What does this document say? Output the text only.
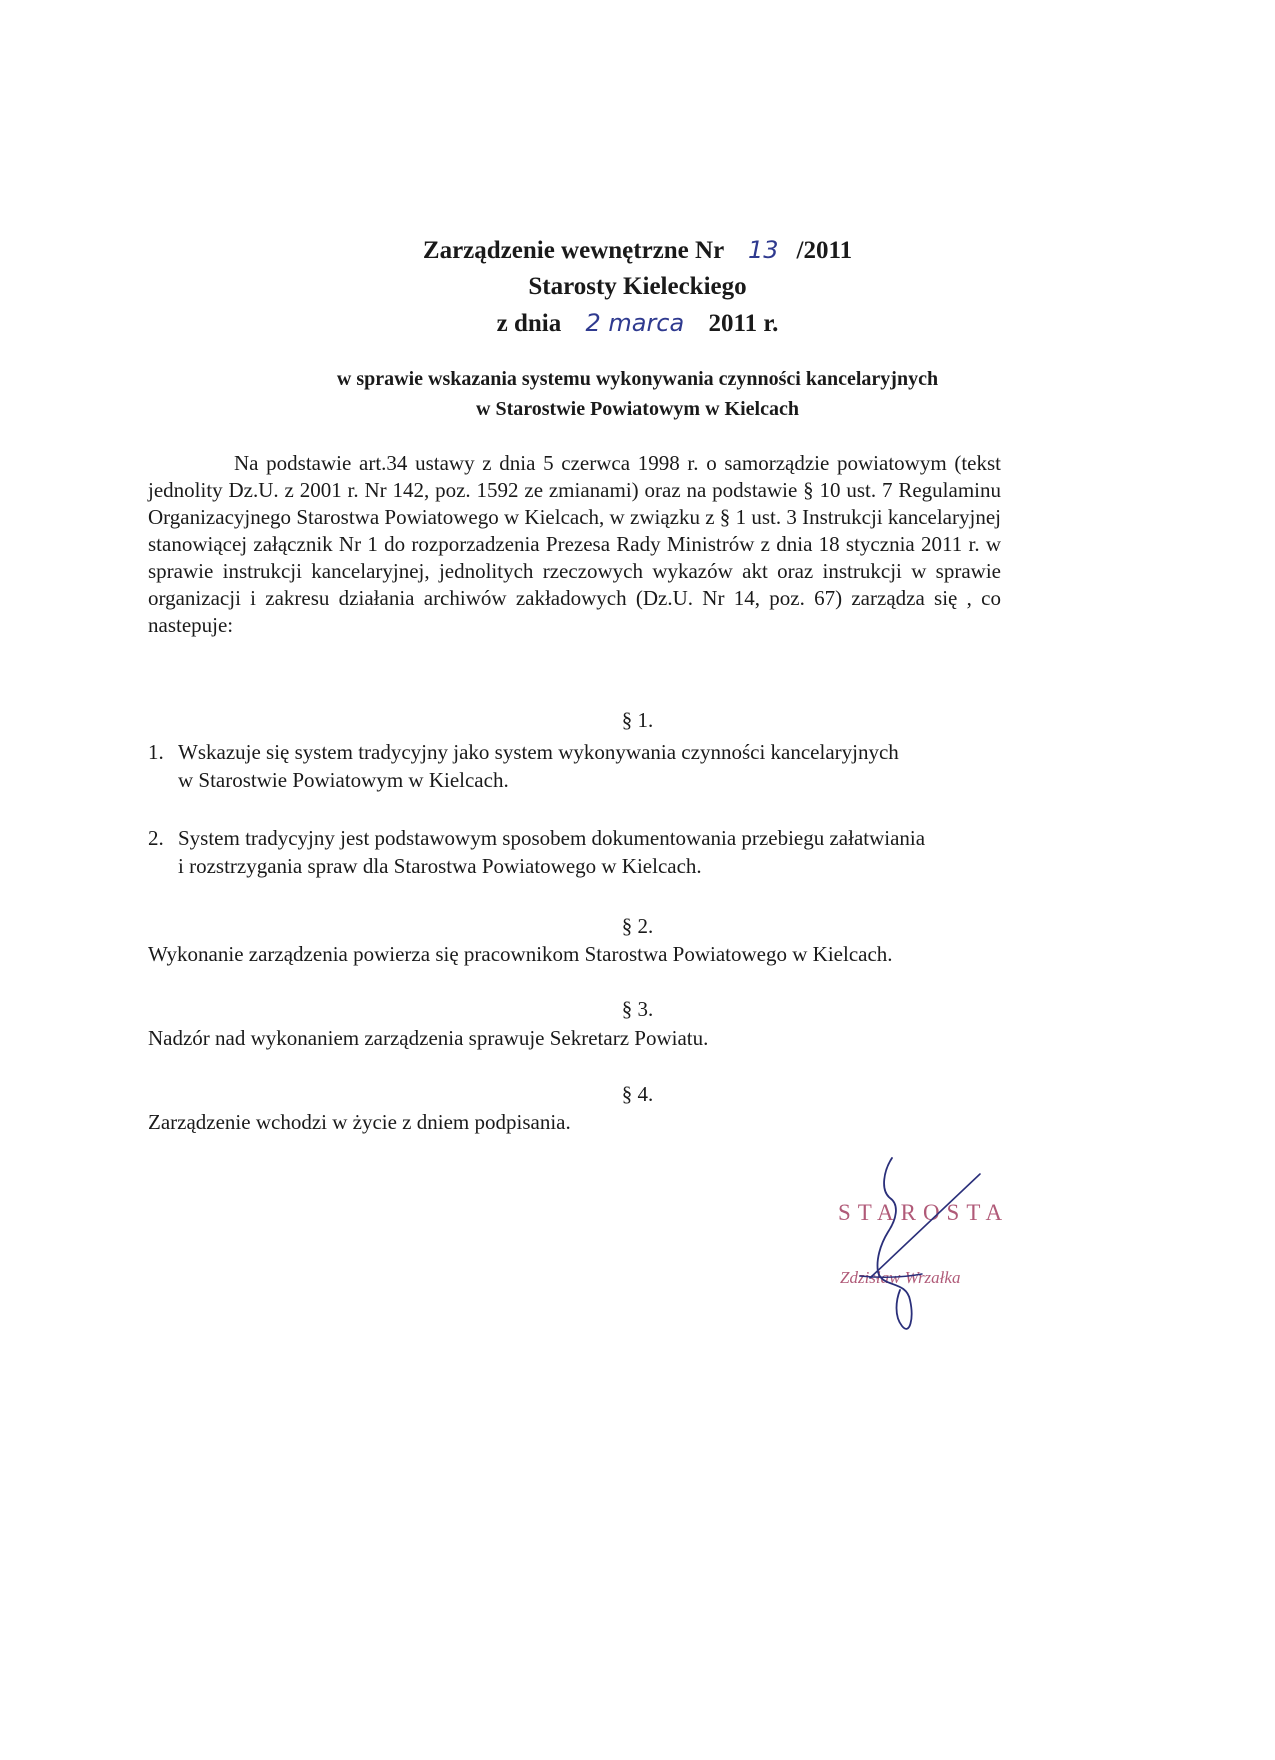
Zarządzenie wewnętrzne Nr 13 /2011
Starosty Kieleckiego
z dnia 2 marca 2011 r.
w sprawie wskazania systemu wykonywania czynności kancelaryjnych
w Starostwie Powiatowym w Kielcach

Na podstawie art.34 ustawy z dnia 5 czerwca 1998 r. o samorządzie powiatowym (tekst jednolity Dz.U. z 2001 r. Nr 142, poz. 1592 ze zmianami) oraz na podstawie § 10 ust. 7 Regulaminu Organizacyjnego Starostwa Powiatowego w Kielcach, w związku z § 1 ust. 3 Instrukcji kancelaryjnej stanowiącej załącznik Nr 1 do rozporzadzenia Prezesa Rady Ministrów z dnia 18 stycznia 2011 r. w sprawie instrukcji kancelaryjnej, jednolitych rzeczowych wykazów akt oraz instrukcji w sprawie organizacji i zakresu działania archiwów zakładowych (Dz.U. Nr 14, poz. 67) zarządza się , co nastepuje:

§ 1.
1. Wskazuje się system tradycyjny jako system wykonywania czynności kancelaryjnych
w Starostwie Powiatowym w Kielcach.
2. System tradycyjny jest podstawowym sposobem dokumentowania przebiegu załatwiania
i rozstrzygania spraw dla Starostwa Powiatowego w Kielcach.
§ 2.
Wykonanie zarządzenia powierza się pracownikom Starostwa Powiatowego w Kielcach.
§ 3.
Nadzór nad wykonaniem zarządzenia sprawuje Sekretarz Powiatu.
§ 4.
Zarządzenie wchodzi w życie z dniem podpisania.
STAROSTA
Zdzisław Wrzałka
